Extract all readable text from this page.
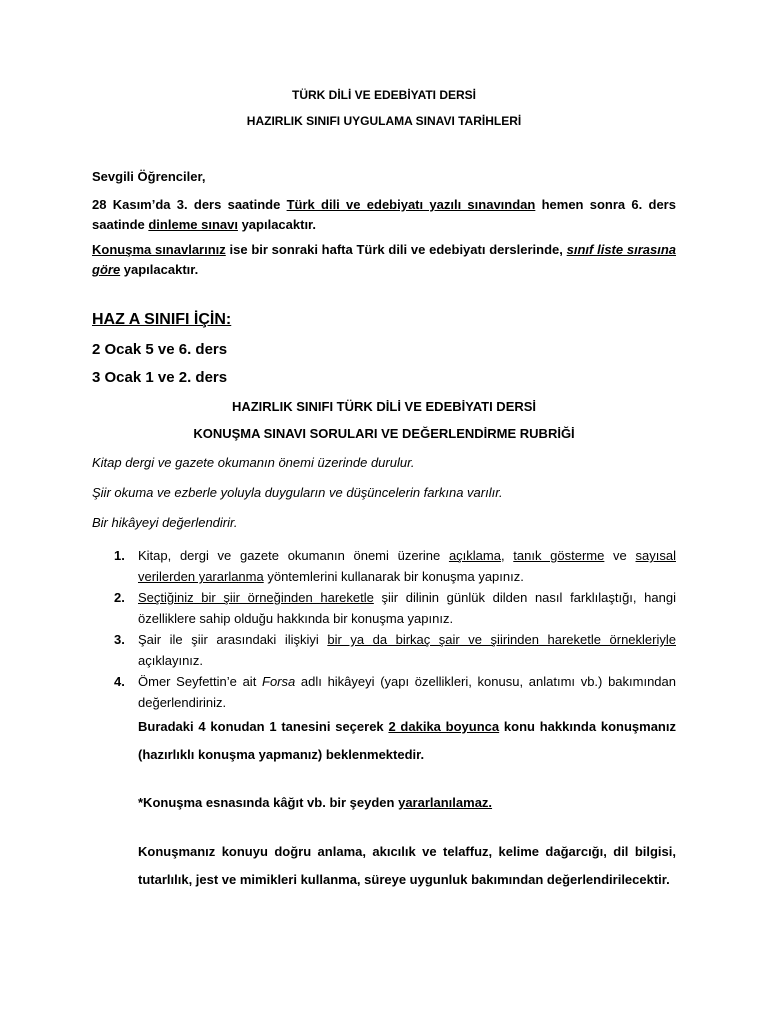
TÜRK DİLİ VE EDEBİYATI DERSİ
HAZIRLIK SINIFI UYGULAMA SINAVI TARİHLERİ
Sevgili Öğrenciler,
28 Kasım’da 3. ders saatinde Türk dili ve edebiyatı yazılı sınavından hemen sonra 6. ders saatinde dinleme sınavı yapılacaktır.
Konuşma sınavlarınız ise bir sonraki hafta Türk dili ve edebiyatı derslerinde, sınıf liste sırasına göre yapılacaktır.
HAZ A SINIFI İÇİN:
2 Ocak 5 ve 6. ders
3 Ocak 1 ve 2. ders
HAZIRLIK SINIFI TÜRK DİLİ VE EDEBİYATI DERSİ
KONUŞMA SINAVI SORULARI VE DEĞERLENDİRME RUBRİĞİ
Kitap dergi ve gazete okumanın önemi üzerinde durulur.
Şiir okuma ve ezberle yoluyla duyguların ve düşüncelerin farkına varılır.
Bir hikâyeyi değerlendirir.
1. Kitap, dergi ve gazete okumanın önemi üzerine açıklama, tanık gösterme ve sayısal verilerden yararlanma yöntemlerini kullanarak bir konuşma yapınız.
2. Seçtiğiniz bir şiir örneğinden hareketle şiir dilinin günlük dilden nasıl farklılaştığı, hangi özelliklere sahip olduğu hakkında bir konuşma yapınız.
3. Şair ile şiir arasındaki ilişkiyi bir ya da birkaç şair ve şiirinden hareketle örnekleriyle açıklayınız.
4. Ömer Seyfettin’e ait Forsa adlı hikâyeyi (yapı özellikleri, konusu, anlatımı vb.) bakımından değerlendiriniz.
Buradaki 4 konudan 1 tanesini seçerek 2 dakika boyunca konu hakkında konuşmanız (hazırlıklı konuşma yapmanız) beklenmektedir.
*Konuşma esnasında kâğıt vb. bir şeyden yararlanılamaz.
Konuşmanız konuyu doğru anlama, akıcılık ve telaffuz, kelime dağarcığı, dil bilgisi, tutarlılık, jest ve mimikleri kullanma, süreye uygunluk bakımından değerlendirilecektir.
